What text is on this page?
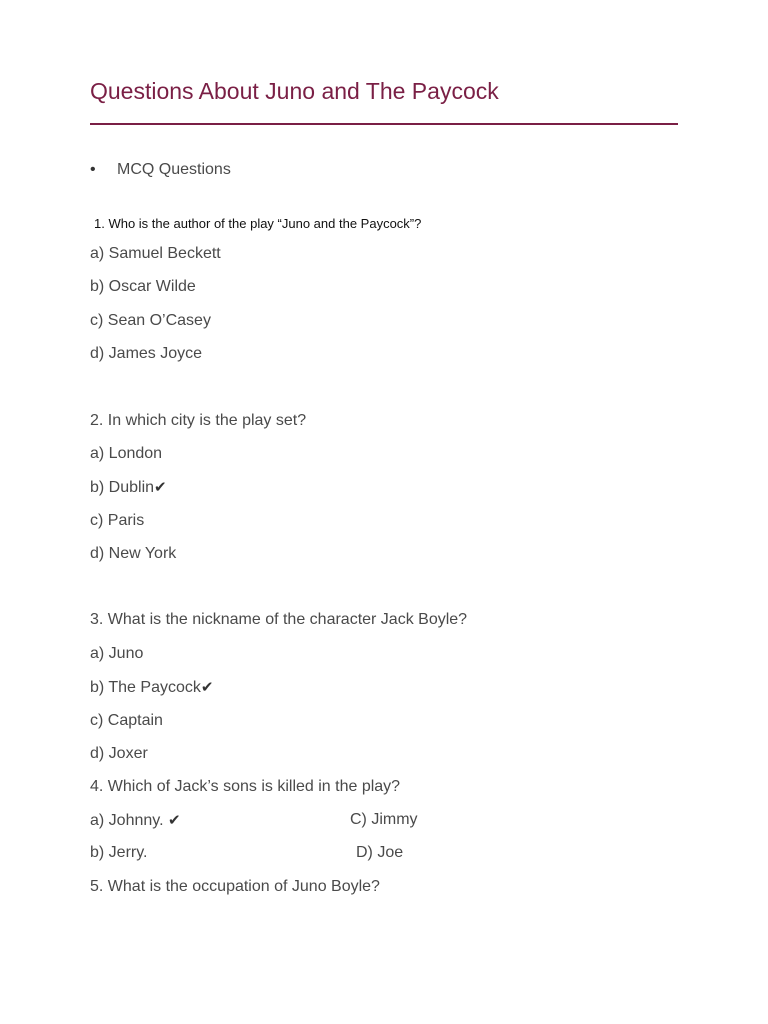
Questions About Juno and The Paycock
• MCQ Questions
1. Who is the author of the play “Juno and the Paycock”?
a) Samuel Beckett
b) Oscar Wilde
c) Sean O’Casey
d) James Joyce
2. In which city is the play set?
a) London
b) Dublin✔
c) Paris
d) New York
3. What is the nickname of the character Jack Boyle?
a) Juno
b) The Paycock✔
c) Captain
d) Joxer
4. Which of Jack’s sons is killed in the play?
a) Johnny. ✔	C) Jimmy
b) Jerry.	D) Joe
5. What is the occupation of Juno Boyle?
